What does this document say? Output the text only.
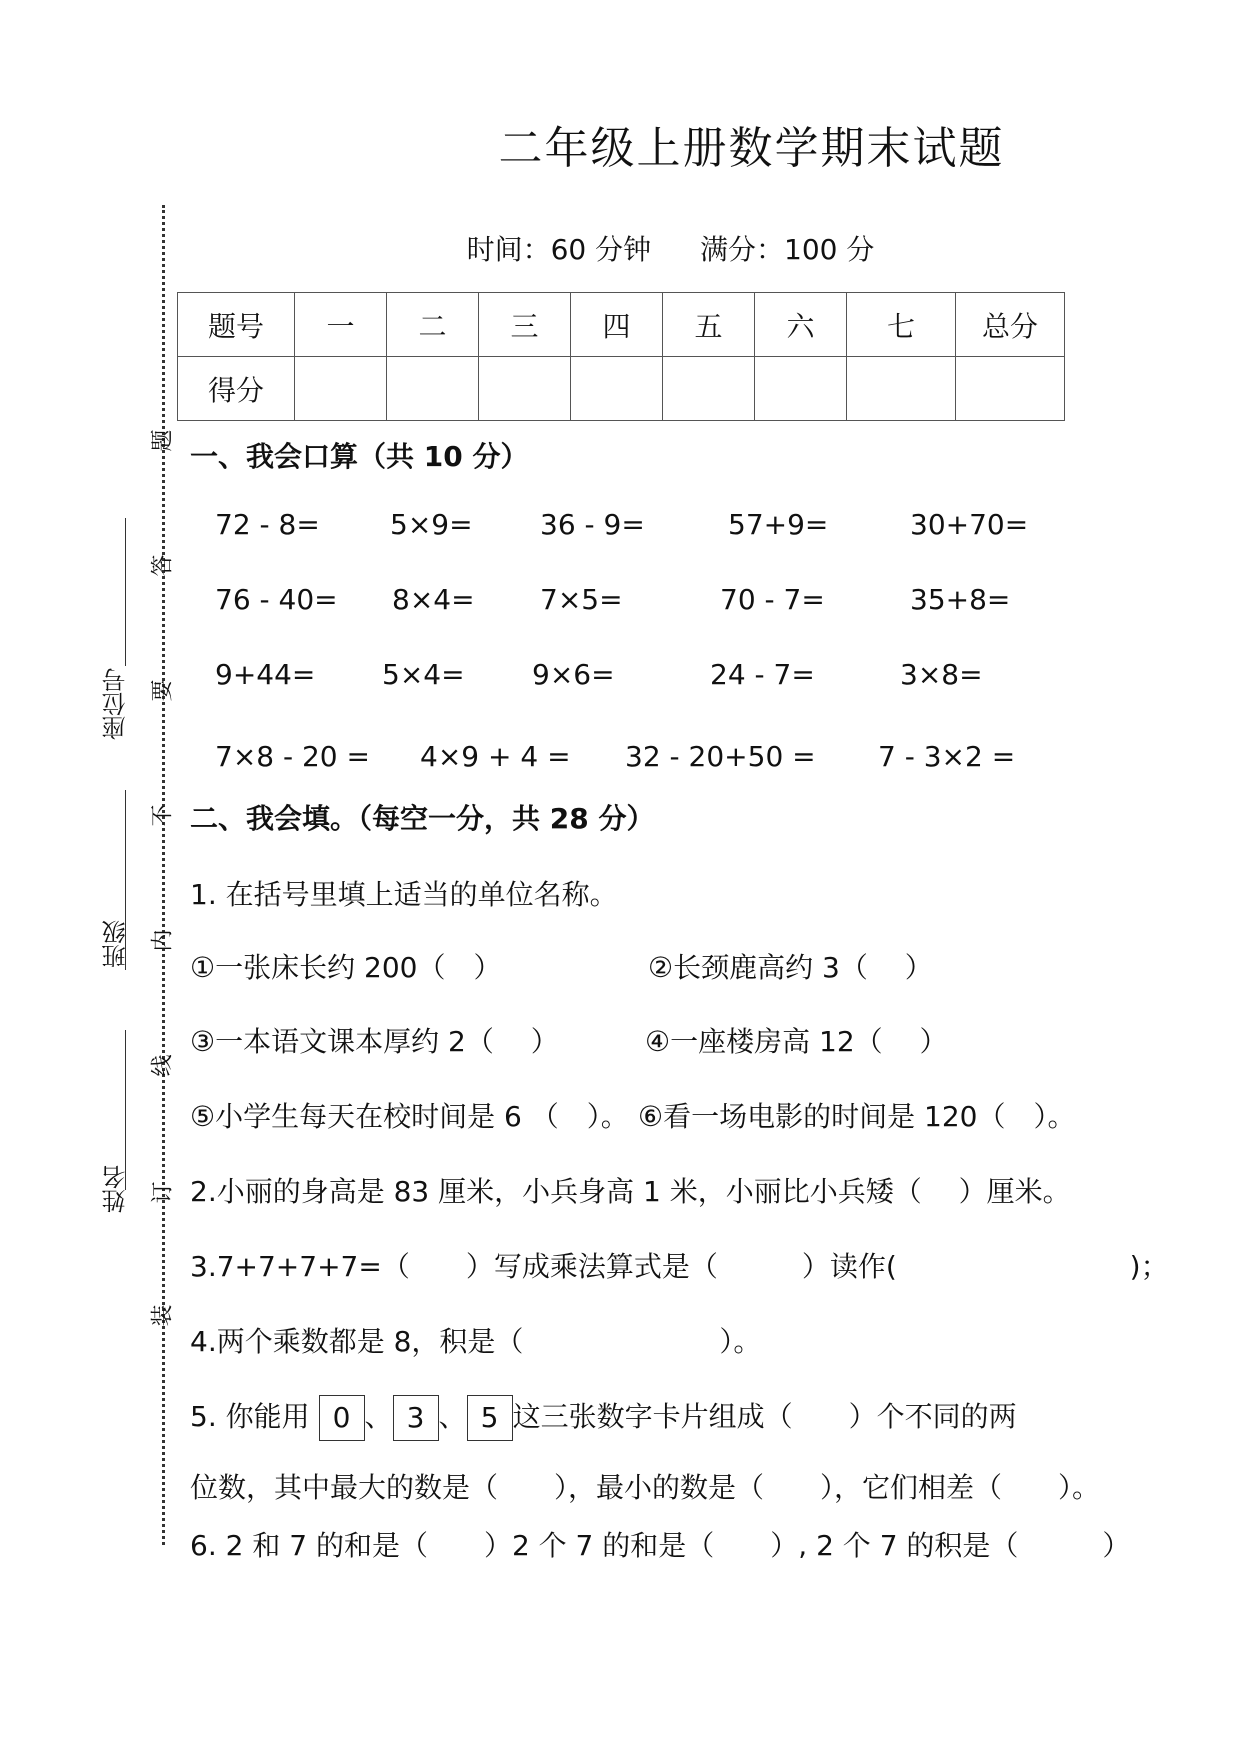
二年级上册数学期末试题
时间：60 分钟 满分：100 分
座位号
班级
姓名
题
答
要
不
内
线
订
装
题号	一	二	三	四	五	六	七	总分
得分								
一、我会口算（共 10 分）
72 - 8=	5×9= 36 - 9=	57+9=	30+70=
76 - 40= 8×4= 7×5=	70 - 7=	35+8=
9+44= 5×4= 9×6=	24 - 7=	3×8=
7×8 - 20 = 4×9 + 4 = 32 - 20+50 = 7 - 3×2 =
二、我会填。（每空一分，共 28 分）
1. 在括号里填上适当的单位名称。
①一张床长约 200（　）	②长颈鹿高约 3（　 ）
③一本语文课本厚约 2（　 ）	④一座楼房高 12（　 ）
⑤小学生每天在校时间是 6 （　）。 ⑥看一场电影的时间是 120（　）。
2.小丽的身高是 83 厘米，小兵身高 1 米，小丽比小兵矮（　 ）厘米。
3.7+7+7+7=（　　）写成乘法算式是（　　　）读作(　　　　　　　　 )；
4.两个乘数都是 8，积是（　　　　　　　）。
5. 你能用 0 、 3 、 5 这三张数字卡片组成（　　）个不同的两
位数，其中最大的数是（　　），最小的数是（　　），它们相差（　　）。
6. 2 和 7 的和是（　　）2 个 7 的和是（　　）, 2 个 7 的积是（　　　）
